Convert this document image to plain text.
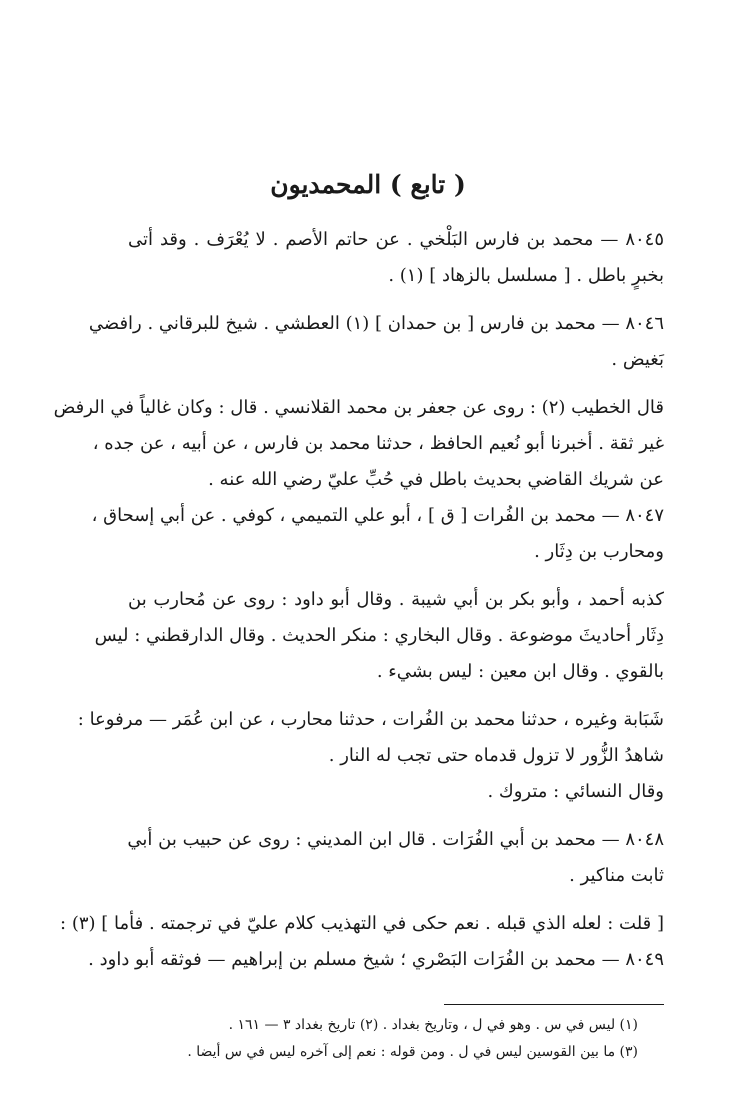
( تابع ) المحمديون
٨٠٤٥ — محمد بن فارس البَلْخي . عن حاتم الأصم . لا يُعْرَف . وقد أتى
بخبرٍ باطل . [ مسلسل بالزهاد ] (١) .
٨٠٤٦ — محمد بن فارس [ بن حمدان ] (١) العطشي . شيخ للبرقاني . رافضي
بَغيض .
قال الخطيب (٢) : روى عن جعفر بن محمد القلانسي . قال : وكان غالياً في الرفض
غير ثقة . أخبرنا أبو نُعيم الحافظ ، حدثنا محمد بن فارس ، عن أبيه ، عن جده ،
عن شريك القاضي بحديث باطل في حُبِّ عليّ رضي الله عنه .
٨٠٤٧ — محمد بن الفُرات [ ق ] ، أبو علي التميمي ، كوفي . عن أبي إسحاق ،
ومحارب بن دِثَار .
كذبه أحمد ، وأبو بكر بن أبي شيبة . وقال أبو داود : روى عن مُحارب بن
دِثَار أحاديثَ موضوعة . وقال البخاري : منكر الحديث . وقال الدارقطني : ليس
بالقوي . وقال ابن معين : ليس بشيء .
شَبَابة وغيره ، حدثنا محمد بن الفُرات ، حدثنا محارب ، عن ابن عُمَر — مرفوعا :
شاهدُ الزُّور لا تزول قدماه حتى تجب له النار .
وقال النسائي : متروك .
٨٠٤٨ — محمد بن أبي الفُرَات . قال ابن المديني : روى عن حبيب بن أبي
ثابت مناكير .
[ قلت : لعله الذي قبله . نعم حكى في التهذيب كلام عليّ في ترجمته . فأما ] (٣) :
٨٠٤٩ — محمد بن الفُرَات البَصْري ؛ شيخ مسلم بن إبراهيم — فوثقه أبو داود .
(١) ليس في س . وهو في ل ، وتاريخ بغداد . (٢) تاريخ بغداد ٣ — ١٦١ .
(٣) ما بين القوسين ليس في ل . ومن قوله : نعم إلى آخره ليس في س أيضا .
